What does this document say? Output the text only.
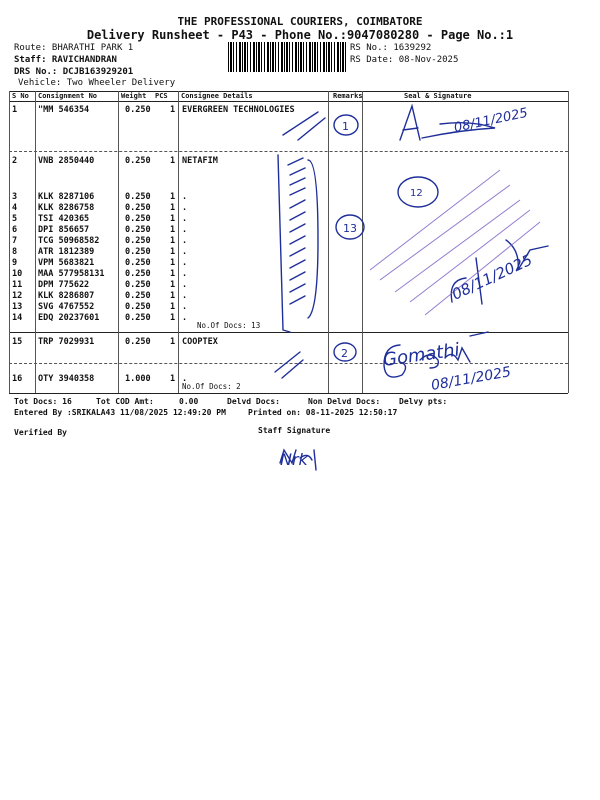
THE PROFESSIONAL COURIERS, COIMBATORE
Delivery Runsheet - P43 - Phone No.:9047080280 - Page No.:1
Route: BHARATHI PARK 1
Staff: RAVICHANDRAN
DRS No.: DCJB163929201
Vehicle: Two Wheeler Delivery
RS No.: 1639292
RS Date: 08-Nov-2025
S No Consignment No	Weight PCS Consignee Details	Remarks	Seal & Signature
1 "MM 546354	0.250 1 EVERGREEN TECHNOLOGIES
2 VNB 2850440	0.250 1 NETAFIM
3 KLK 8287106	0.250 1 .
4 KLK 8286758	0.250 1 .
5 TSI 420365	0.250 1 .
6 DPI 856657	0.250 1 .
7 TCG 50968582	0.250 1 .
8 ATR 1812389	0.250 1 .
9 VPM 5683821	0.250 1 .
10 MAA 577958131 0.250 1 .
11 DPM 775622	0.250 1 .
12 KLK 8286807	0.250 1 .
13 SVG 4767552	0.250 1 .
14 EDQ 20237601	0.250 1 .
15 TRP 7029931	0.250 1 COOPTEX
16 OTY 3940358	1.000 1 .
No.Of Docs: 13
No.Of Docs: 2
1
13
2
12
08/11/2025
08/11/2025
Gomathi
08/11/2025
Nrk
Tot Docs: 16	Tot COD Amt:	0.00	Delvd Docs:	Non Delvd Docs: Delvy pts:
Entered By :SRIKALA43 11/08/2025 12:49:20 PM	Printed on: 08-11-2025 12:50:17
Verified By	Staff Signature
